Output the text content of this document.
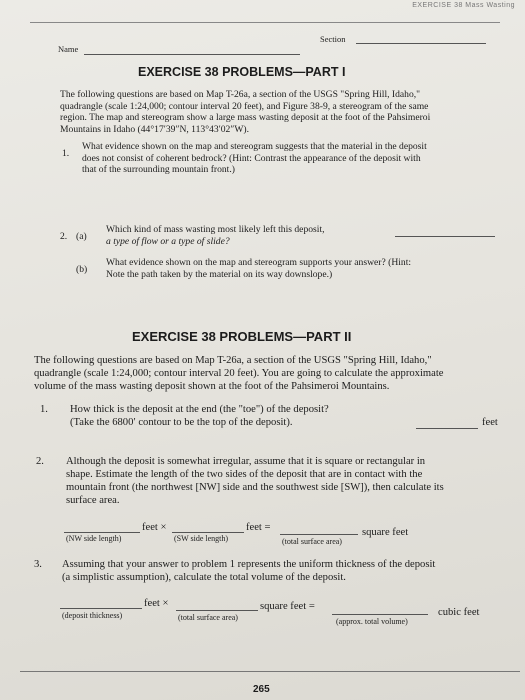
EXERCISE 38 Mass Wasting
Name
Section
EXERCISE 38 PROBLEMS—PART I
The following questions are based on Map T-26a, a section of the USGS "Spring Hill, Idaho,"
quadrangle (scale 1:24,000; contour interval 20 feet), and Figure 38-9, a stereogram of the same
region. The map and stereogram show a large mass wasting deposit at the foot of the Pahsimeroi
Mountains in Idaho (44°17′39″N, 113°43′02″W).
1.
What evidence shown on the map and stereogram suggests that the material in the deposit
does not consist of coherent bedrock? (Hint: Contrast the appearance of the deposit with
that of the surrounding mountain front.)
2. (a)
Which kind of mass wasting most likely left this deposit,
a type of flow or a type of slide?
(b)
What evidence shown on the map and stereogram supports your answer? (Hint:
Note the path taken by the material on its way downslope.)
EXERCISE 38 PROBLEMS—PART II
The following questions are based on Map T-26a, a section of the USGS "Spring Hill, Idaho,"
quadrangle (scale 1:24,000; contour interval 20 feet). You are going to calculate the approximate
volume of the mass wasting deposit shown at the foot of the Pahsimeroi Mountains.
1. How thick is the deposit at the end (the "toe") of the deposit?
(Take the 6800′ contour to be the top of the deposit).	feet
2. Although the deposit is somewhat irregular, assume that it is square or rectangular in
shape. Estimate the length of the two sides of the deposit that are in contact with the
mountain front (the northwest [NW] side and the southwest side [SW]), then calculate its
surface area.
feet ×
(NW side length)
feet =
(SW side length)	(total surface area)
square feet
3. Assuming that your answer to problem 1 represents the uniform thickness of the deposit
(a simplistic assumption), calculate the total volume of the deposit.
feet ×
(deposit thickness)
square feet =
(total surface area)	(approx. total volume)
cubic feet
265
